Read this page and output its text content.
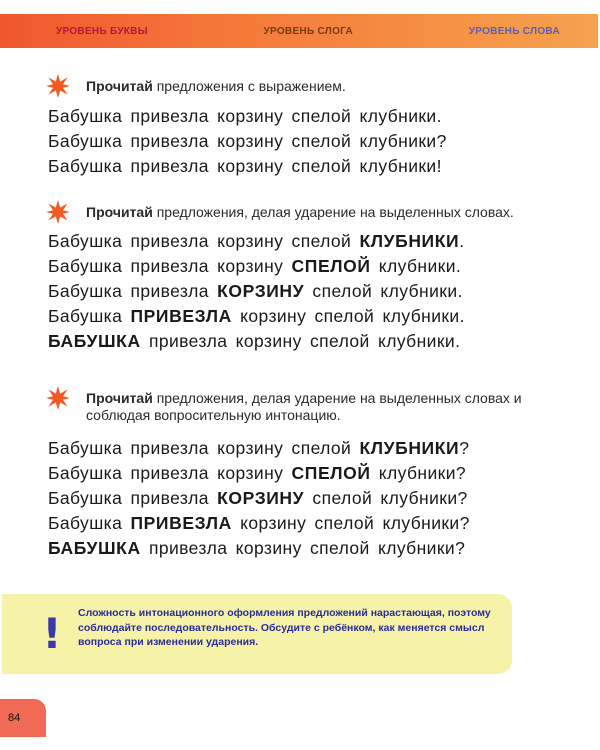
УРОВЕНЬ БУКВЫ	УРОВЕНЬ СЛОГА	УРОВЕНЬ СЛОВА
Прочитай предложения с выражением.
Бабушка привезла корзину спелой клубники.
Бабушка привезла корзину спелой клубники?
Бабушка привезла корзину спелой клубники!
Прочитай предложения, делая ударение на выделенных словах.
Бабушка привезла корзину спелой КЛУБНИКИ.
Бабушка привезла корзину СПЕЛОЙ клубники.
Бабушка привезла КОРЗИНУ спелой клубники.
Бабушка ПРИВЕЗЛА корзину спелой клубники.
БАБУШКА привезла корзину спелой клубники.
Прочитай предложения, делая ударение на выделенных словах и соблюдая вопросительную интонацию.
Бабушка привезла корзину спелой КЛУБНИКИ?
Бабушка привезла корзину СПЕЛОЙ клубники?
Бабушка привезла КОРЗИНУ спелой клубники?
Бабушка ПРИВЕЗЛА корзину спелой клубники?
БАБУШКА привезла корзину спелой клубники?
! Сложность интонационного оформления предложений нарастающая, поэтому соблюдайте последовательность. Обсудите с ребёнком, как меняется смысл вопроса при изменении ударения.
84
